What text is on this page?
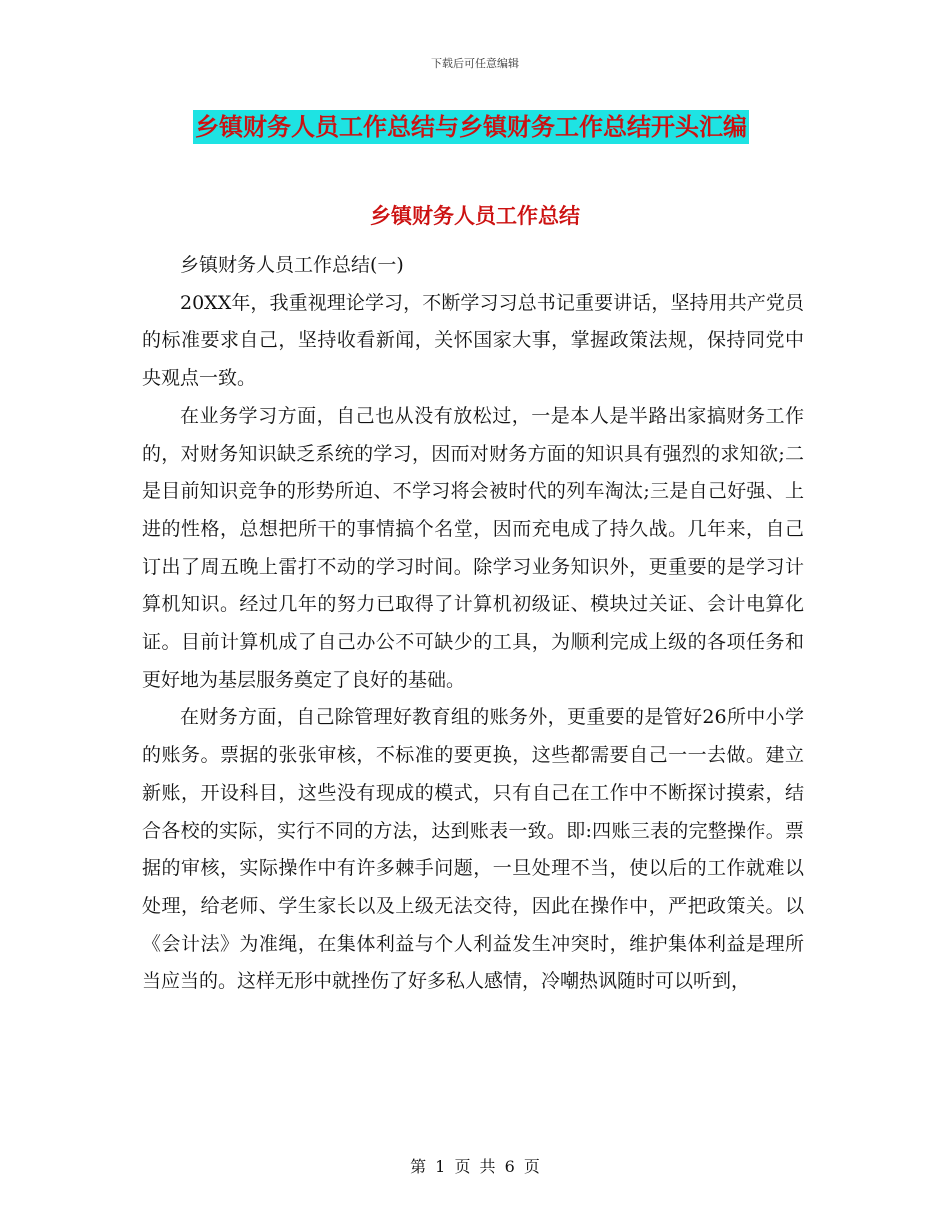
下载后可任意编辑
乡镇财务人员工作总结与乡镇财务工作总结开头汇编
乡镇财务人员工作总结

乡镇财务人员工作总结(一)

20XX年，我重视理论学习，不断学习习总书记重要讲话，坚持用共产党员的标准要求自己，坚持收看新闻，关怀国家大事，掌握政策法规，保持同党中央观点一致。

在业务学习方面，自己也从没有放松过，一是本人是半路出家搞财务工作的，对财务知识缺乏系统的学习，因而对财务方面的知识具有强烈的求知欲;二是目前知识竞争的形势所迫、不学习将会被时代的列车淘汰;三是自己好强、上进的性格，总想把所干的事情搞个名堂，因而充电成了持久战。几年来，自己订出了周五晚上雷打不动的学习时间。除学习业务知识外，更重要的是学习计算机知识。经过几年的努力已取得了计算机初级证、模块过关证、会计电算化证。目前计算机成了自己办公不可缺少的工具，为顺利完成上级的各项任务和更好地为基层服务奠定了良好的基础。

在财务方面，自己除管理好教育组的账务外，更重要的是管好26所中小学的账务。票据的张张审核，不标准的要更换，这些都需要自己一一去做。建立新账，开设科目，这些没有现成的模式，只有自己在工作中不断探讨摸索，结合各校的实际，实行不同的方法，达到账表一致。即:四账三表的完整操作。票据的审核，实际操作中有许多棘手问题，一旦处理不当，使以后的工作就难以处理，给老师、学生家长以及上级无法交待，因此在操作中，严把政策关。以《会计法》为准绳，在集体利益与个人利益发生冲突时，维护集体利益是理所当应当的。这样无形中就挫伤了好多私人感情，冷嘲热讽随时可以听到，

第 1 页 共 6 页
